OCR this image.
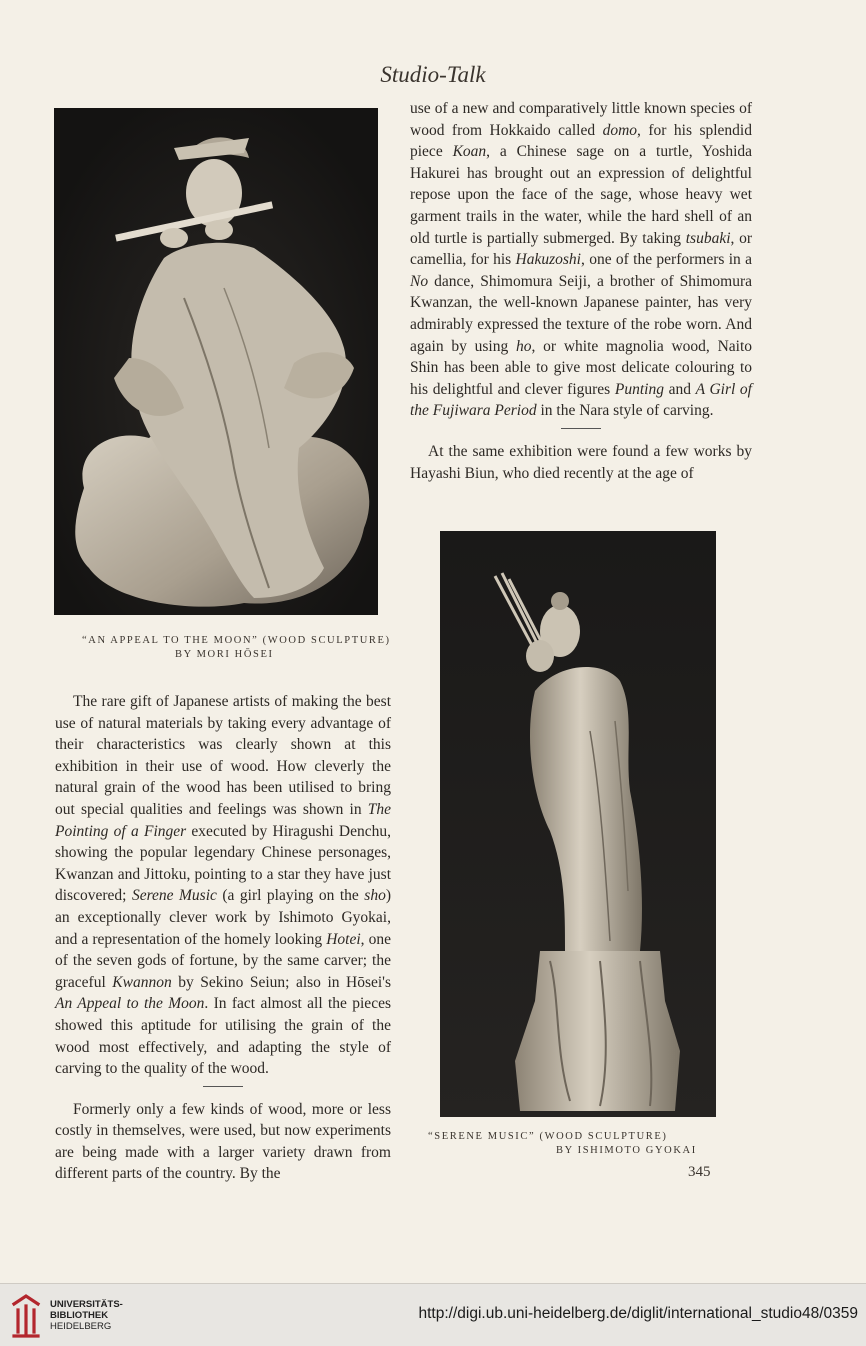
Studio-Talk
“AN APPEAL TO THE MOON” (WOOD SCULPTURE)
BY MORI HŌSEI

use of a new and comparatively little known species of wood from Hokkaido called domo, for his splendid piece Koan, a Chinese sage on a turtle, Yoshida Hakurei has brought out an expression of delightful repose upon the face of the sage, whose heavy wet garment trails in the water, while the hard shell of an old turtle is partially submerged. By taking tsubaki, or camellia, for his Hakuzoshi, one of the performers in a No dance, Shimomura Seiji, a brother of Shimomura Kwanzan, the well-known Japanese painter, has very admirably expressed the texture of the robe worn. And again by using ho, or white magnolia wood, Naito Shin has been able to give most delicate colouring to his delightful and clever figures Punting and A Girl of the Fujiwara Period in the Nara style of carving.

At the same exhibition were found a few works by Hayashi Biun, who died recently at the age of

“SERENE MUSIC” (WOOD SCULPTURE)
BY ISHIMOTO GYOKAI

The rare gift of Japanese artists of making the best use of natural materials by taking every advantage of their characteristics was clearly shown at this exhibition in their use of wood. How cleverly the natural grain of the wood has been utilised to bring out special qualities and feelings was shown in The Pointing of a Finger executed by Hiragushi Denchu, showing the popular legendary Chinese personages, Kwanzan and Jittoku, pointing to a star they have just discovered; Serene Music (a girl playing on the sho) an exceptionally clever work by Ishimoto Gyokai, and a representation of the homely looking Hotei, one of the seven gods of fortune, by the same carver; the graceful Kwannon by Sekino Seiun; also in Hōsei's An Appeal to the Moon. In fact almost all the pieces showed this aptitude for utilising the grain of the wood most effectively, and adapting the style of carving to the quality of the wood.

Formerly only a few kinds of wood, more or less costly in themselves, were used, but now experiments are being made with a larger variety drawn from different parts of the country. By the	345
UNIVERSITÄTS-
BIBLIOTHEK
HEIDELBERG
http://digi.ub.uni-heidelberg.de/diglit/international_studio48/0359
